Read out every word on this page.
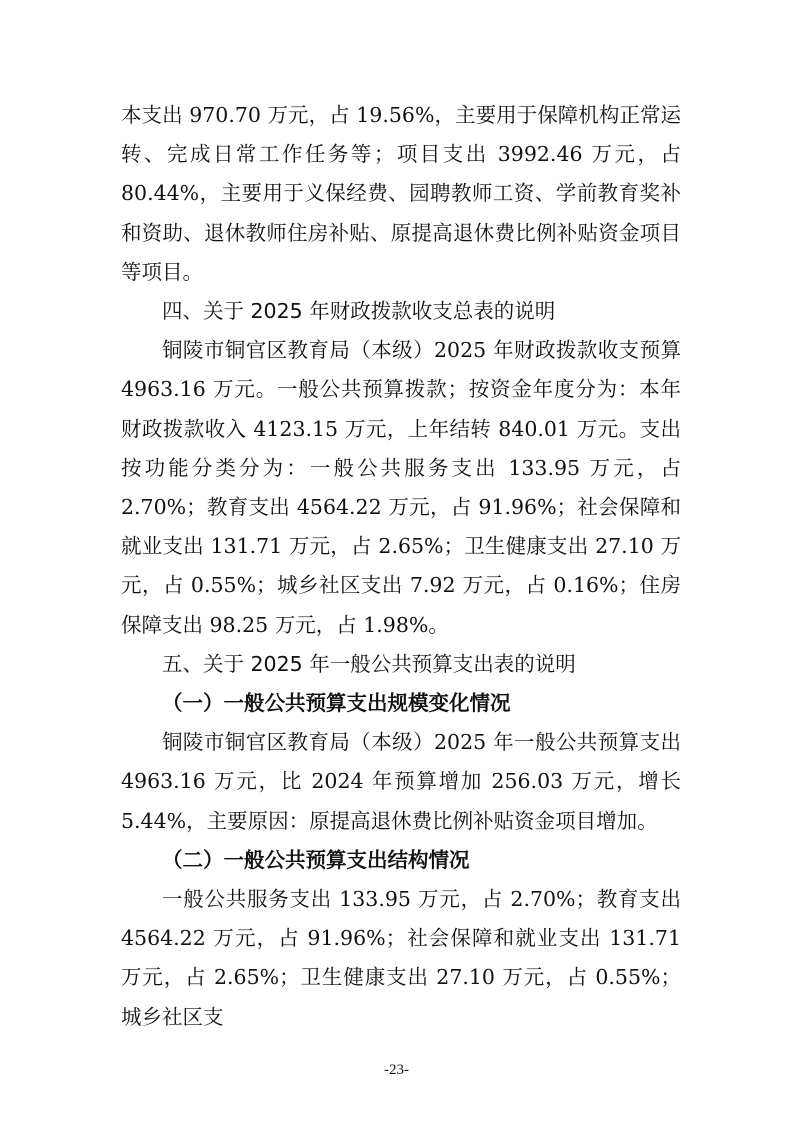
本支出 970.70 万元，占 19.56%，主要用于保障机构正常运转、完成日常工作任务等；项目支出 3992.46 万元，占 80.44%，主要用于义保经费、园聘教师工资、学前教育奖补和资助、退休教师住房补贴、原提高退休费比例补贴资金项目等项目。

四、关于 2025 年财政拨款收支总表的说明

铜陵市铜官区教育局（本级）2025 年财政拨款收支预算 4963.16 万元。一般公共预算拨款；按资金年度分为：本年财政拨款收入 4123.15 万元，上年结转 840.01 万元。支出按功能分类分为：一般公共服务支出 133.95 万元，占 2.70%；教育支出 4564.22 万元，占 91.96%；社会保障和就业支出 131.71 万元，占 2.65%；卫生健康支出 27.10 万元，占 0.55%；城乡社区支出 7.92 万元，占 0.16%；住房保障支出 98.25 万元，占 1.98%。

五、关于 2025 年一般公共预算支出表的说明

（一）一般公共预算支出规模变化情况

铜陵市铜官区教育局（本级）2025 年一般公共预算支出 4963.16 万元，比 2024 年预算增加 256.03 万元，增长 5.44%，主要原因：原提高退休费比例补贴资金项目增加。

（二）一般公共预算支出结构情况

一般公共服务支出 133.95 万元，占 2.70%；教育支出 4564.22 万元，占 91.96%；社会保障和就业支出 131.71 万元，占 2.65%；卫生健康支出 27.10 万元，占 0.55%；城乡社区支

-23-
